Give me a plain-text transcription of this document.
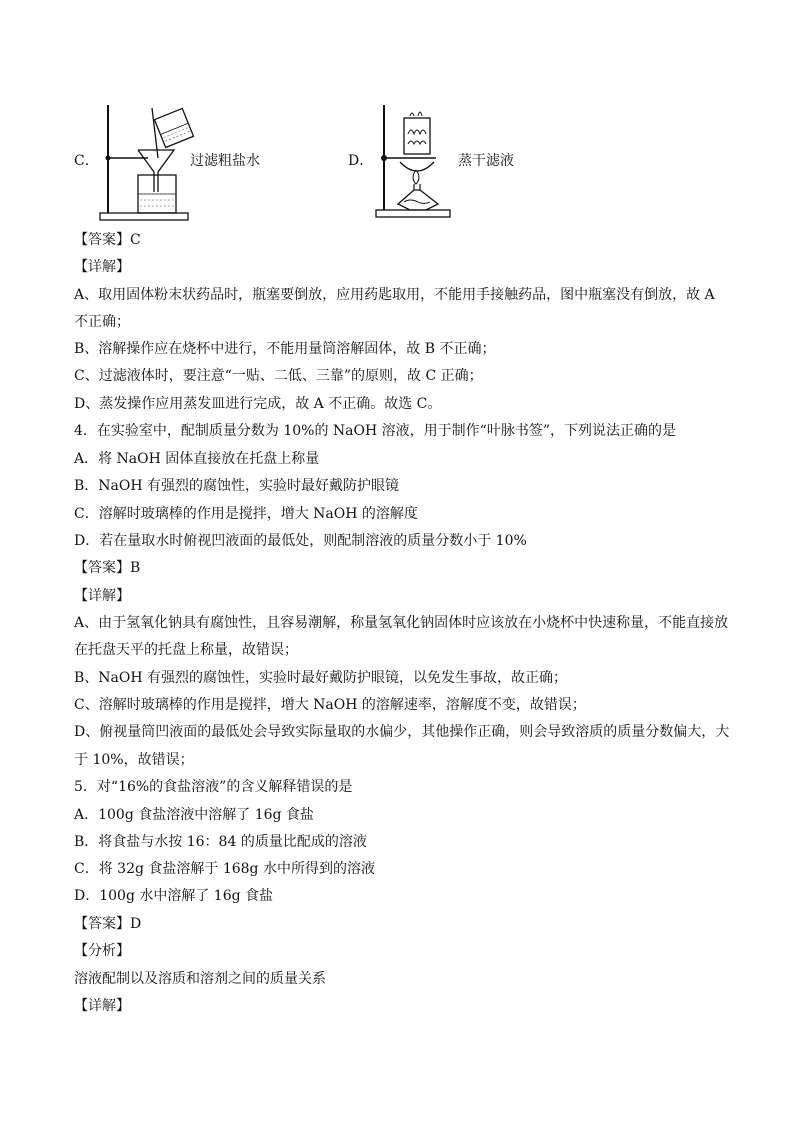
C．	过滤粗盐水	D．	蒸干滤液
【答案】C
【详解】
A、取用固体粉末状药品时，瓶塞要倒放，应用药匙取用，不能用手接触药品，图中瓶塞没有倒放，故 A
不正确；
B、溶解操作应在烧杯中进行，不能用量筒溶解固体，故 B 不正确；
C、过滤液体时，要注意“一贴、二低、三靠”的原则，故 C 正确；
D、蒸发操作应用蒸发皿进行完成，故 A 不正确。故选 C。
4．在实验室中，配制质量分数为 10%的 NaOH 溶液，用于制作“叶脉书签”，下列说法正确的是
A．将 NaOH 固体直接放在托盘上称量
B．NaOH 有强烈的腐蚀性，实验时最好戴防护眼镜
C．溶解时玻璃棒的作用是搅拌，增大 NaOH 的溶解度
D．若在量取水时俯视凹液面的最低处，则配制溶液的质量分数小于 10%
【答案】B
【详解】
A、由于氢氧化钠具有腐蚀性，且容易潮解，称量氢氧化钠固体时应该放在小烧杯中快速称量，不能直接放
在托盘天平的托盘上称量，故错误；
B、NaOH 有强烈的腐蚀性，实验时最好戴防护眼镜，以免发生事故，故正确；
C、溶解时玻璃棒的作用是搅拌，增大 NaOH 的溶解速率，溶解度不变，故错误；
D、俯视量筒凹液面的最低处会导致实际量取的水偏少，其他操作正确，则会导致溶质的质量分数偏大，大
于 10%，故错误；
5．对“16%的食盐溶液”的含义解释错误的是
A．100g 食盐溶液中溶解了 16g 食盐
B．将食盐与水按 16：84 的质量比配成的溶液
C．将 32g 食盐溶解于 168g 水中所得到的溶液
D．100g 水中溶解了 16g 食盐
【答案】D
【分析】
溶液配制以及溶质和溶剂之间的质量关系
【详解】
